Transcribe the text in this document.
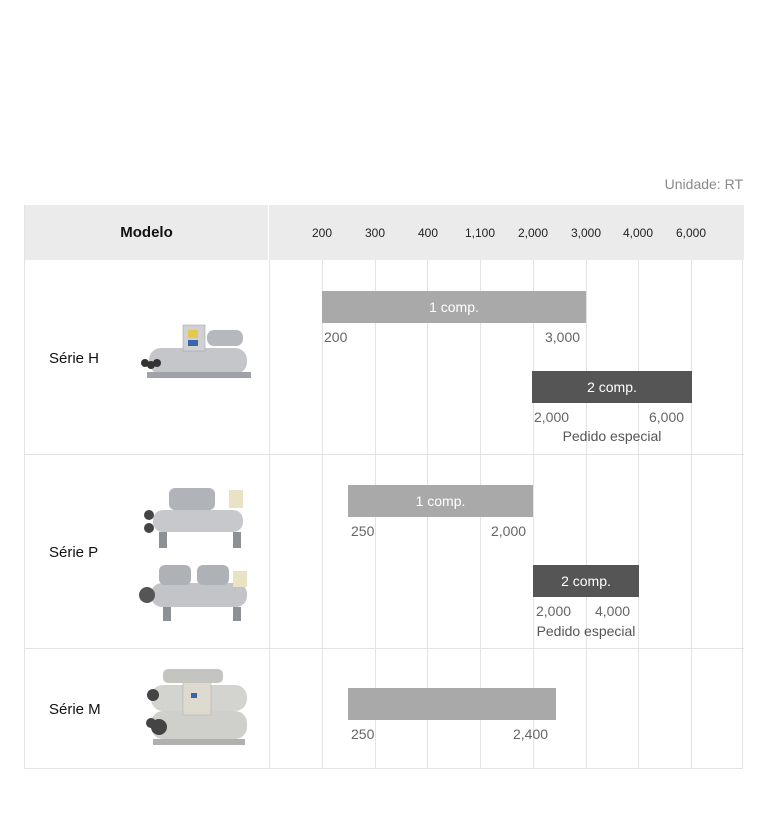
Unidade: RT
Modelo	200	300	400	1,100	2,000	3,000	4,000	6,000
Série H
1 comp.
200	3,000
2 comp.
2,000	6,000
Pedido especial
Série P
1 comp.
250	2,000
2 comp.
2,000 4,000
Pedido especial
Série M
250	2,400
